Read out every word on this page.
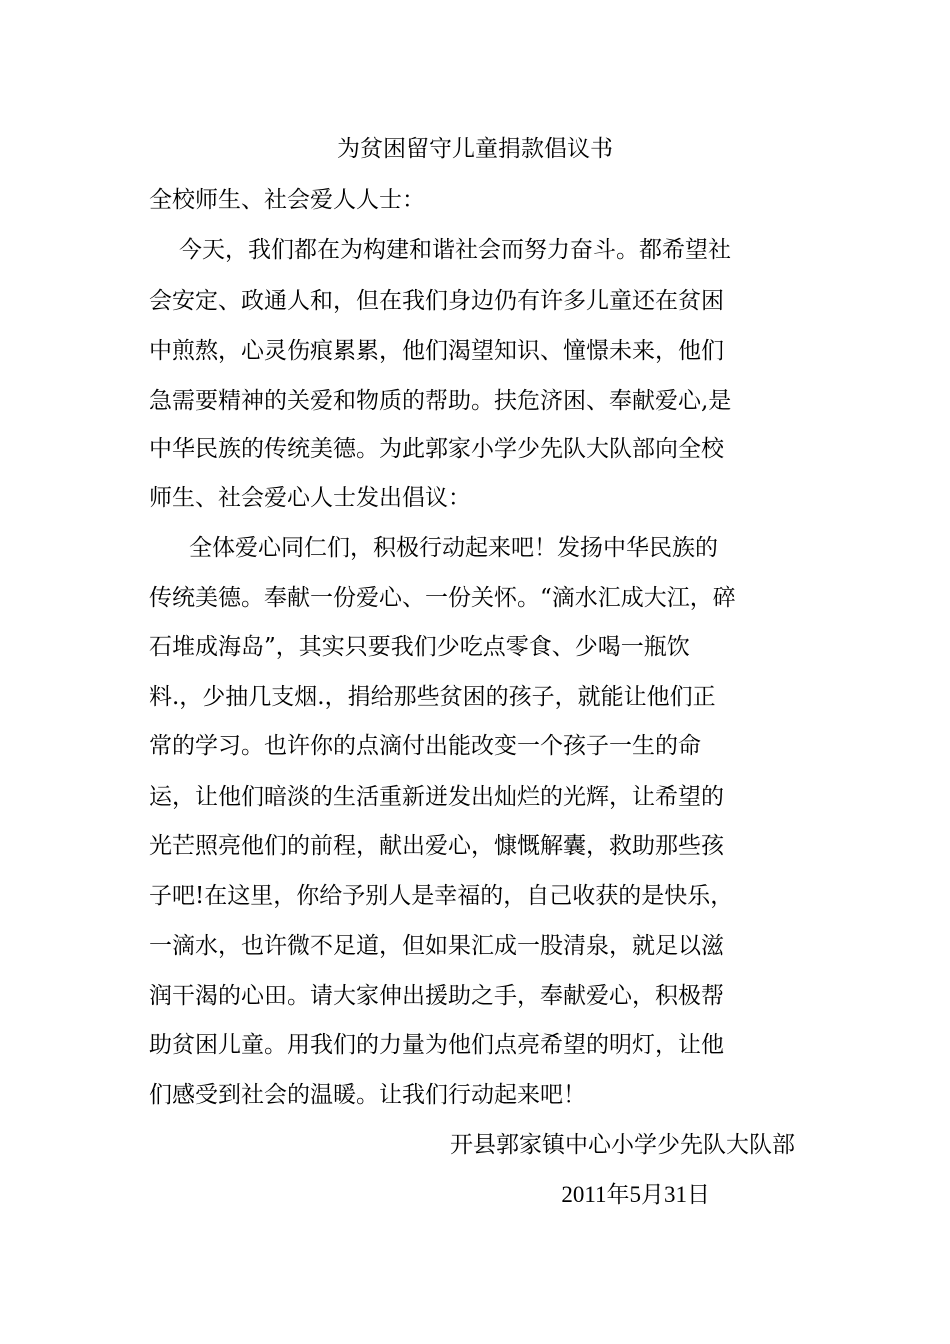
为贫困留守儿童捐款倡议书
全校师生、社会爱人人士：
今天，我们都在为构建和谐社会而努力奋斗。都希望社
会安定、政通人和，但在我们身边仍有许多儿童还在贫困
中煎熬，心灵伤痕累累，他们渴望知识、憧憬未来，他们
急需要精神的关爱和物质的帮助。扶危济困、奉献爱心,是
中华民族的传统美德。为此郭家小学少先队大队部向全校
师生、社会爱心人士发出倡议：
全体爱心同仁们，积极行动起来吧！发扬中华民族的
传统美德。奉献一份爱心、一份关怀。“滴水汇成大江，碎
石堆成海岛”，其实只要我们少吃点零食、少喝一瓶饮
料.，少抽几支烟.，捐给那些贫困的孩子，就能让他们正
常的学习。也许你的点滴付出能改变一个孩子一生的命
运，让他们暗淡的生活重新迸发出灿烂的光辉，让希望的
光芒照亮他们的前程，献出爱心，慷慨解囊，救助那些孩
子吧!在这里，你给予别人是幸福的，自己收获的是快乐，
一滴水，也许微不足道，但如果汇成一股清泉，就足以滋
润干渴的心田。请大家伸出援助之手，奉献爱心，积极帮
助贫困儿童。用我们的力量为他们点亮希望的明灯，让他
们感受到社会的温暖。让我们行动起来吧！
开县郭家镇中心小学少先队大队部
2011年5月31日
